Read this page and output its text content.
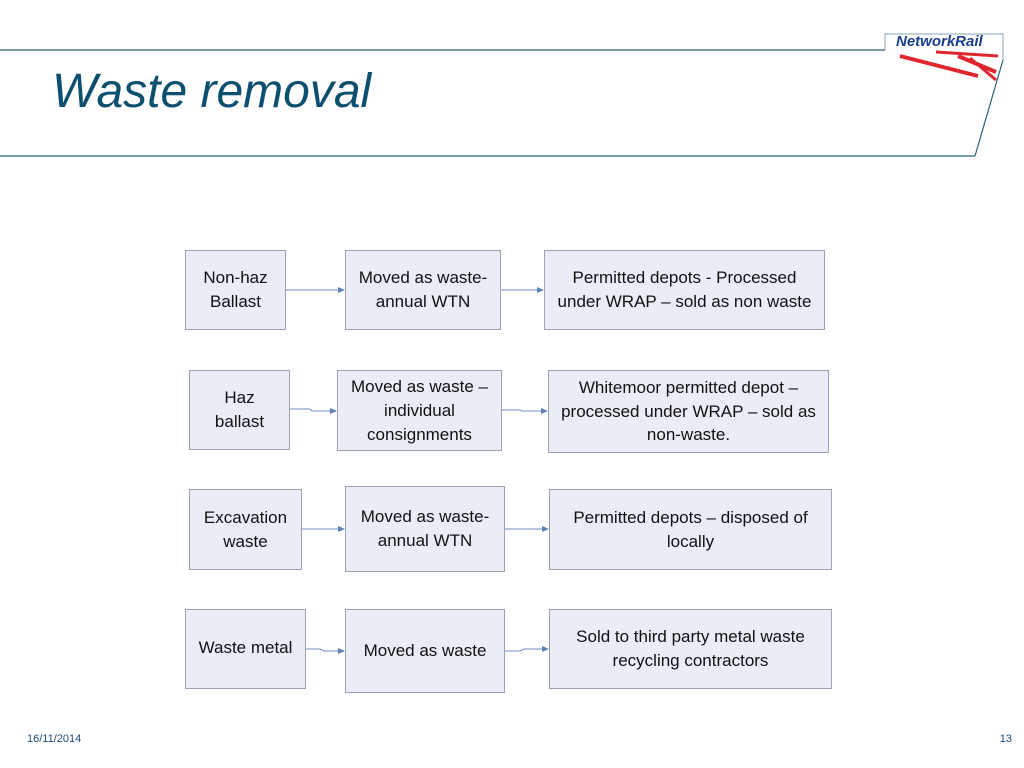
NetworkRail
Waste removal
Non-haz Ballast
Moved as waste- annual WTN
Permitted depots - Processed under WRAP – sold as non waste
Haz ballast
Moved as waste – individual consignments
Whitemoor permitted depot – processed under WRAP – sold as non-waste.
Excavation waste
Moved as waste- annual WTN
Permitted depots – disposed of locally
Waste metal	Moved as waste
Sold to third party metal waste recycling contractors
16/11/2014	13
